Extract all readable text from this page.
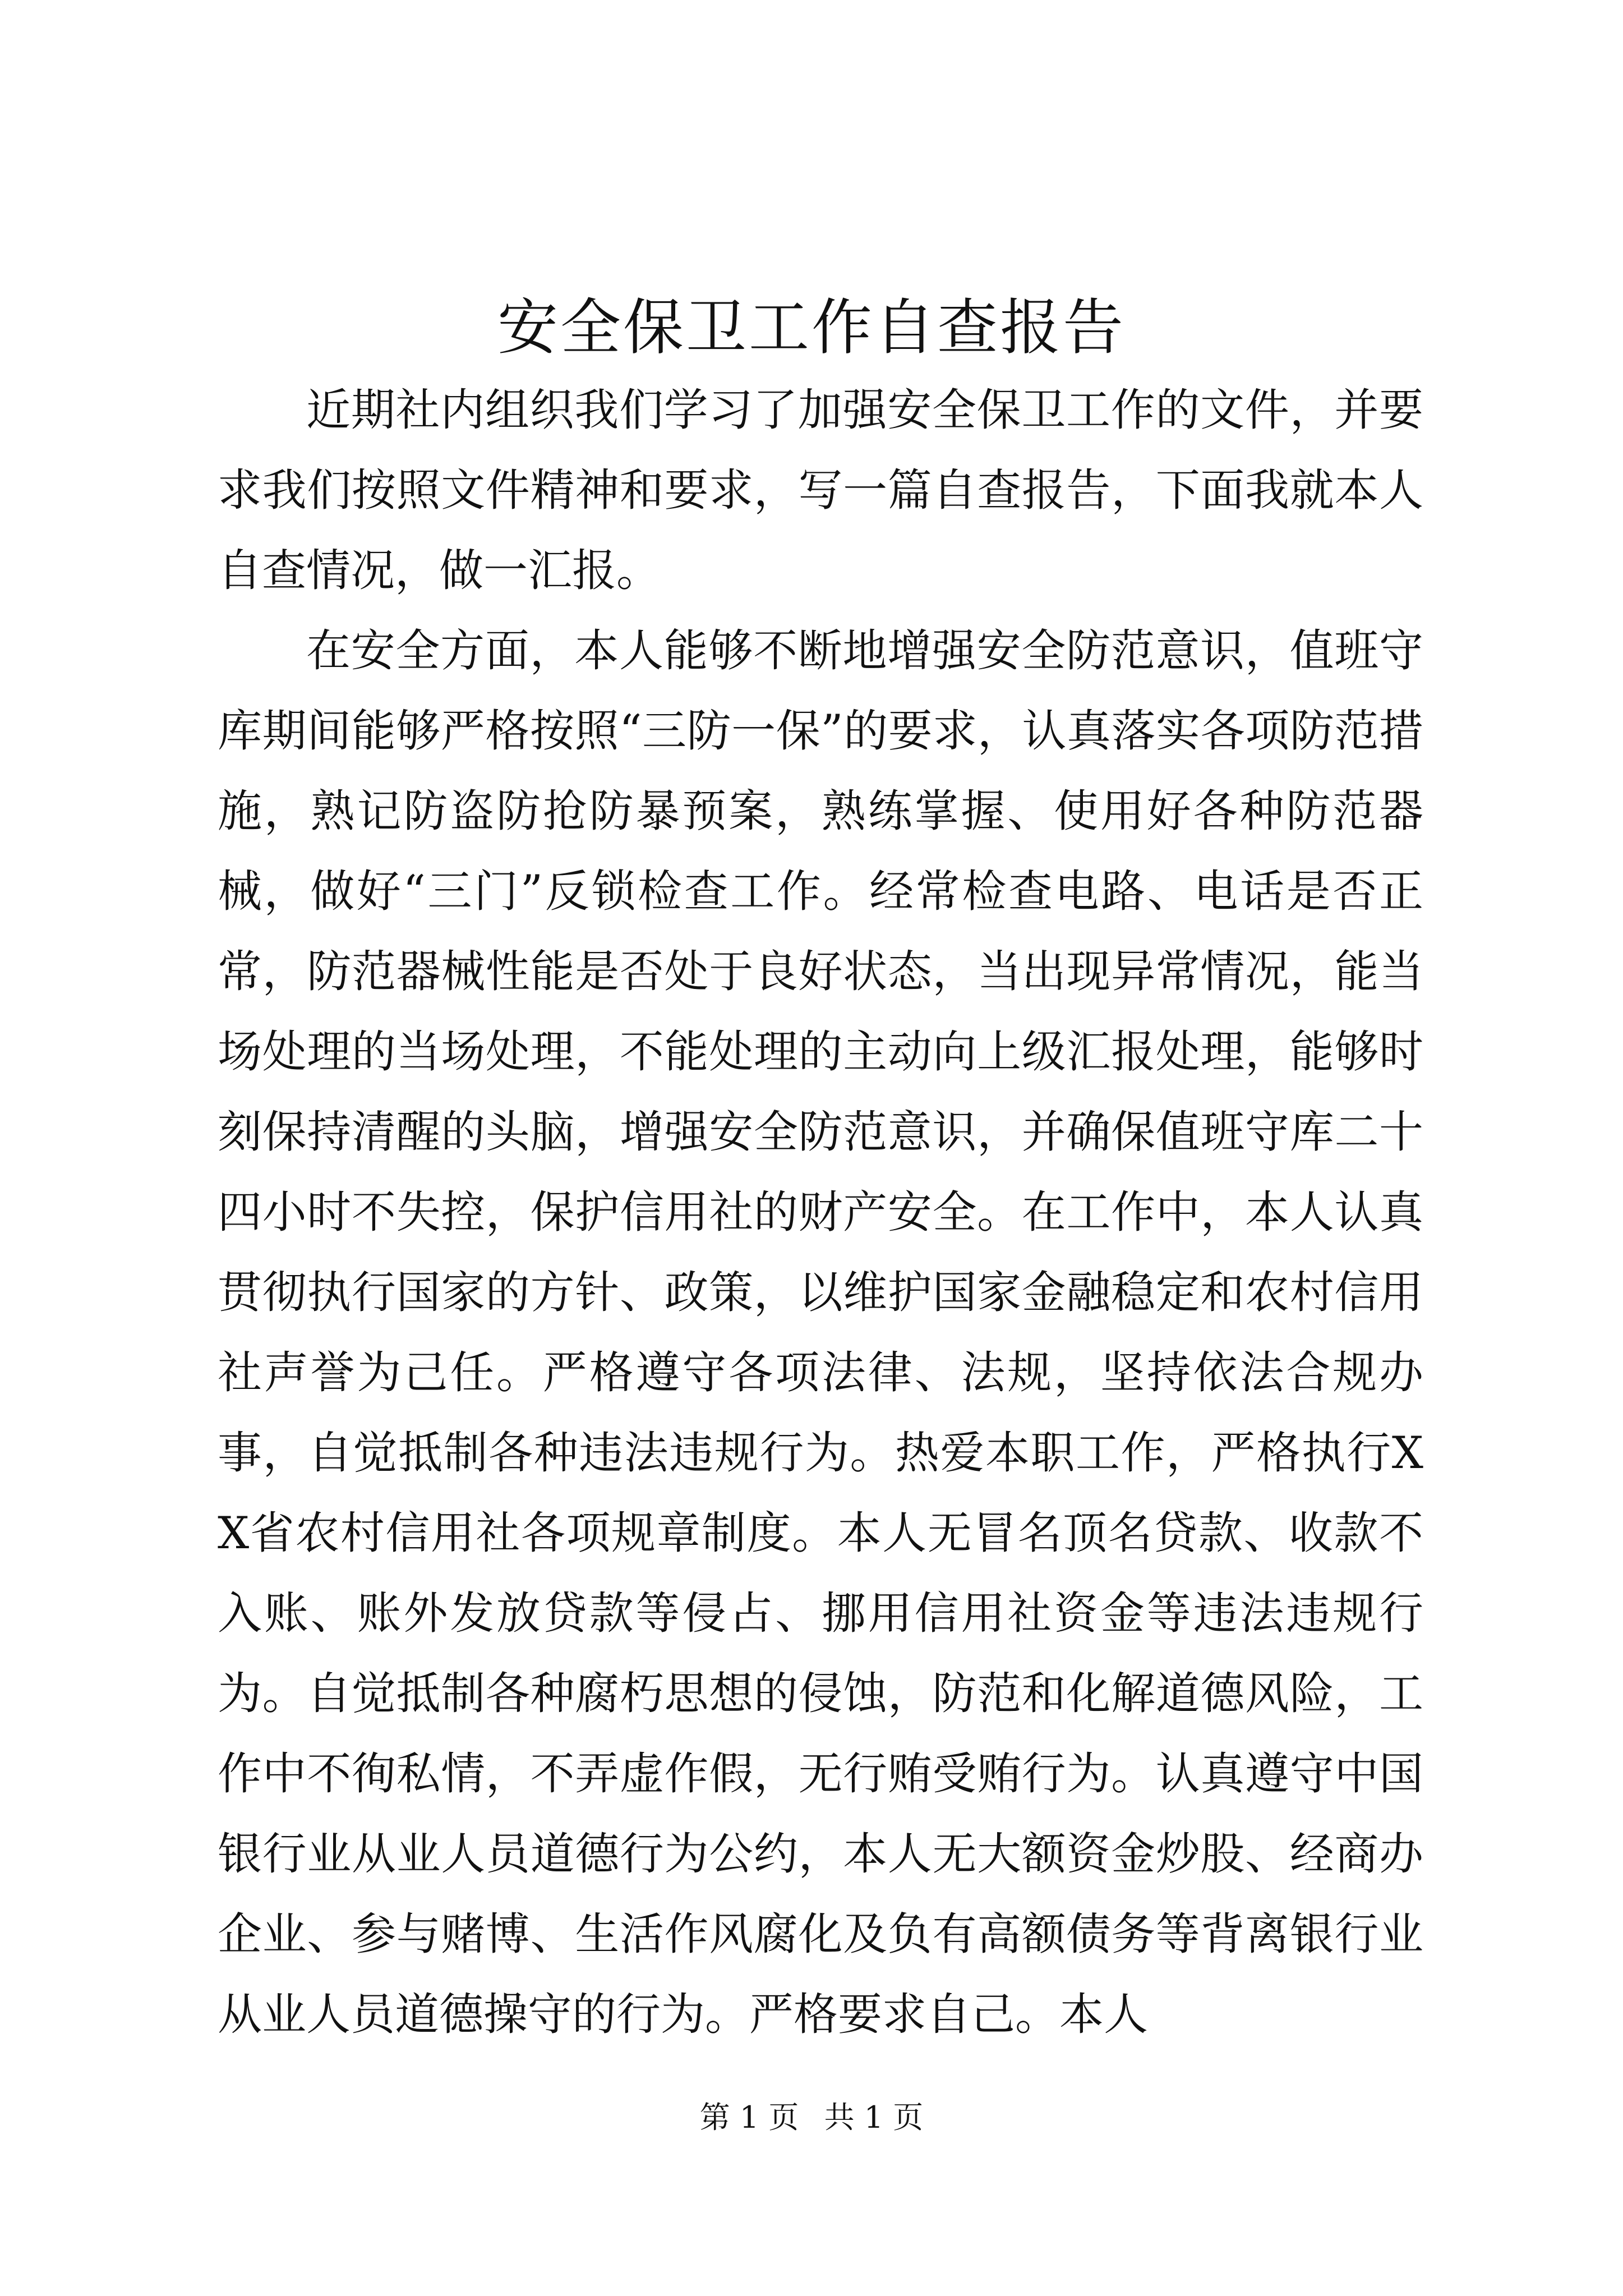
安全保卫工作自查报告

近期社内组织我们学习了加强安全保卫工作的文件，并要求我们按照文件精神和要求，写一篇自查报告，下面我就本人自查情况，做一汇报。

在安全方面，本人能够不断地增强安全防范意识，值班守库期间能够严格按照“三防一保”的要求，认真落实各项防范措施，熟记防盗防抢防暴预案，熟练掌握、使用好各种防范器械，做好“三门”反锁检查工作。经常检查电路、电话是否正常，防范器械性能是否处于良好状态，当出现异常情况，能当场处理的当场处理，不能处理的主动向上级汇报处理，能够时刻保持清醒的头脑，增强安全防范意识，并确保值班守库二十四小时不失控，保护信用社的财产安全。在工作中，本人认真贯彻执行国家的方针、政策，以维护国家金融稳定和农村信用社声誉为己任。严格遵守各项法律、法规，坚持依法合规办事，自觉抵制各种违法违规行为。热爱本职工作，严格执行XX省农村信用社各项规章制度。本人无冒名顶名贷款、收款不入账、账外发放贷款等侵占、挪用信用社资金等违法违规行为。自觉抵制各种腐朽思想的侵蚀，防范和化解道德风险，工作中不徇私情，不弄虚作假，无行贿受贿行为。认真遵守中国银行业从业人员道德行为公约，本人无大额资金炒股、经商办企业、参与赌博、生活作风腐化及负有高额债务等背离银行业从业人员道德操守的行为。严格要求自己。本人

第 1 页 共 1 页
